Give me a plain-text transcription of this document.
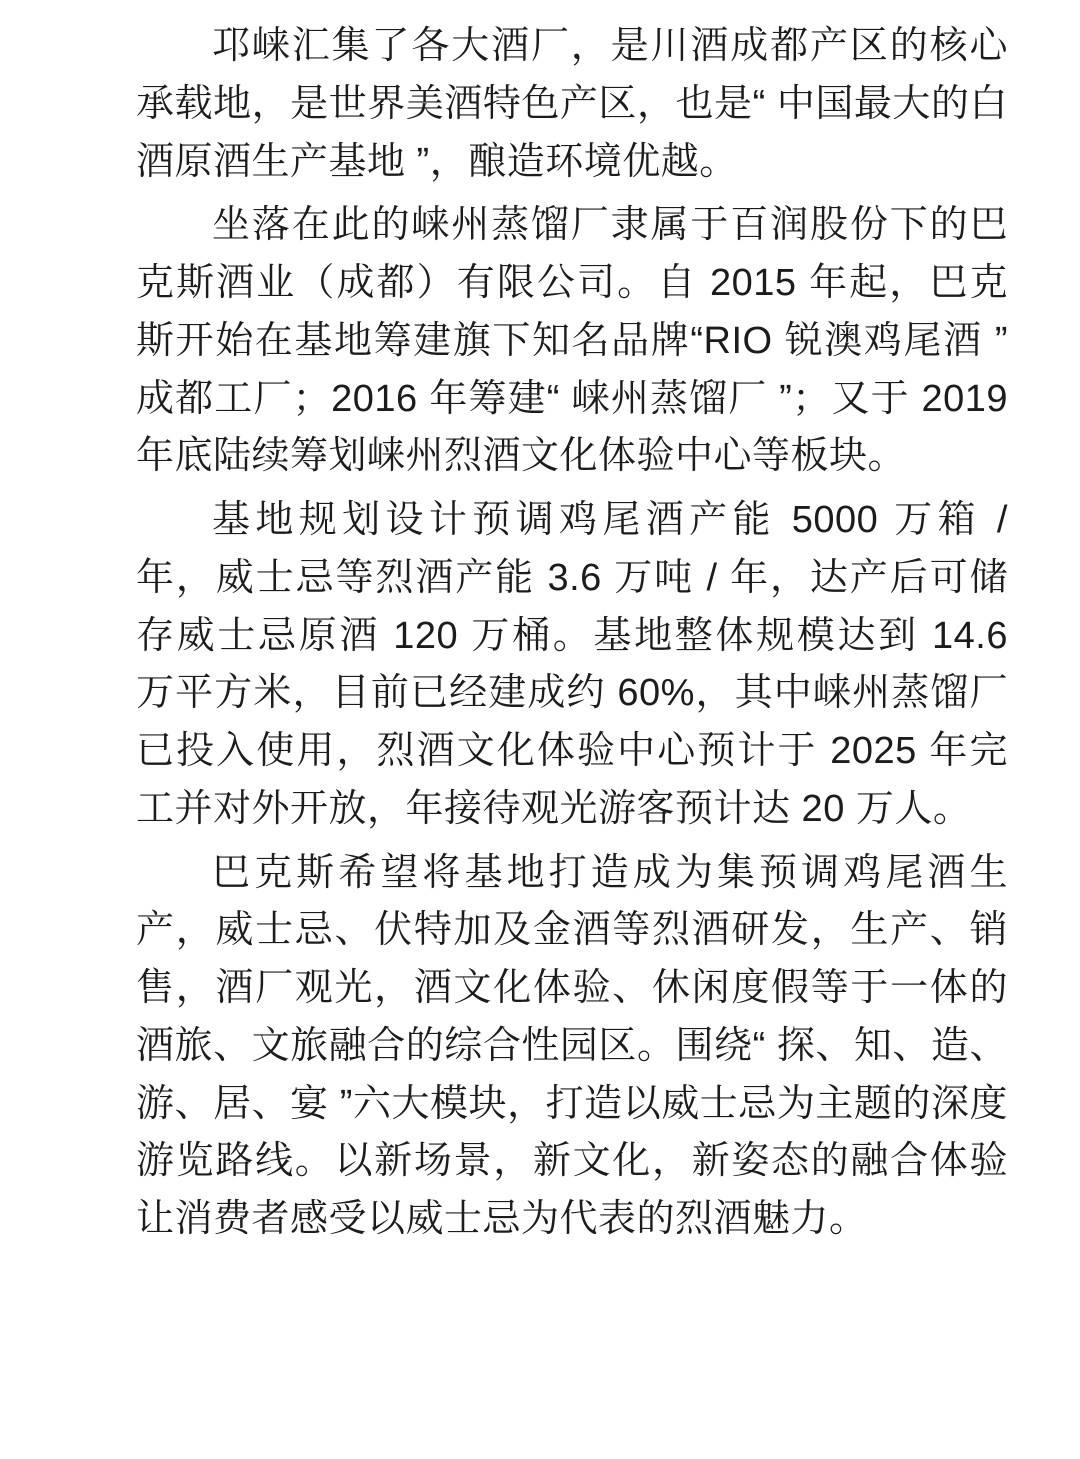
邛崃汇集了各大酒厂，是川酒成都产区的核心承载地，是世界美酒特色产区，也是“ 中国最大的白酒原酒生产基地 ”，酿造环境优越。

坐落在此的崃州蒸馏厂隶属于百润股份下的巴克斯酒业（成都）有限公司。自 2015 年起，巴克斯开始在基地筹建旗下知名品牌“RIO 锐澳鸡尾酒 ”成都工厂；2016 年筹建“ 崃州蒸馏厂 ”；又于 2019 年底陆续筹划崃州烈酒文化体验中心等板块。

基地规划设计预调鸡尾酒产能 5000 万箱 / 年，威士忌等烈酒产能 3.6 万吨 / 年，达产后可储存威士忌原酒 120 万桶。基地整体规模达到 14.6 万平方米，目前已经建成约 60%，其中崃州蒸馏厂已投入使用，烈酒文化体验中心预计于 2025 年完工并对外开放，年接待观光游客预计达 20 万人。

巴克斯希望将基地打造成为集预调鸡尾酒生产，威士忌、伏特加及金酒等烈酒研发，生产、销售，酒厂观光，酒文化体验、休闲度假等于一体的酒旅、文旅融合的综合性园区。围绕“ 探、知、造、游、居、宴 ”六大模块，打造以威士忌为主题的深度游览路线。以新场景，新文化，新姿态的融合体验让消费者感受以威士忌为代表的烈酒魅力。
